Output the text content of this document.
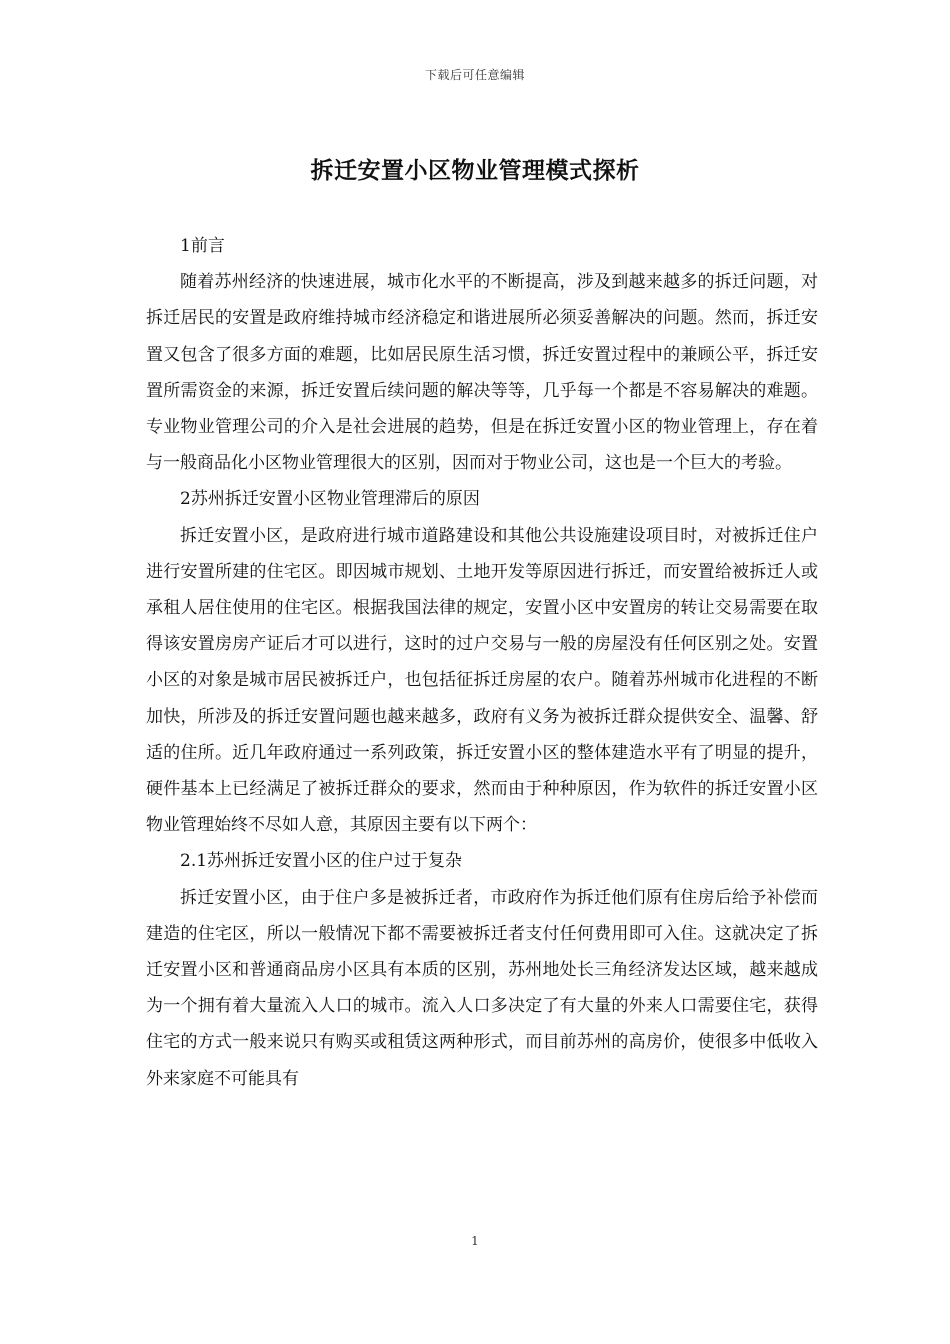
下载后可任意编辑
拆迁安置小区物业管理模式探析

1前言

随着苏州经济的快速进展，城市化水平的不断提高，涉及到越来越多的拆迁问题，对拆迁居民的安置是政府维持城市经济稳定和谐进展所必须妥善解决的问题。然而，拆迁安置又包含了很多方面的难题，比如居民原生活习惯，拆迁安置过程中的兼顾公平，拆迁安置所需资金的来源，拆迁安置后续问题的解决等等，几乎每一个都是不容易解决的难题。专业物业管理公司的介入是社会进展的趋势，但是在拆迁安置小区的物业管理上，存在着与一般商品化小区物业管理很大的区别，因而对于物业公司，这也是一个巨大的考验。

2苏州拆迁安置小区物业管理滞后的原因

拆迁安置小区，是政府进行城市道路建设和其他公共设施建设项目时，对被拆迁住户进行安置所建的住宅区。即因城市规划、土地开发等原因进行拆迁，而安置给被拆迁人或承租人居住使用的住宅区。根据我国法律的规定，安置小区中安置房的转让交易需要在取得该安置房房产证后才可以进行，这时的过户交易与一般的房屋没有任何区别之处。安置小区的对象是城市居民被拆迁户，也包括征拆迁房屋的农户。随着苏州城市化进程的不断加快，所涉及的拆迁安置问题也越来越多，政府有义务为被拆迁群众提供安全、温馨、舒适的住所。近几年政府通过一系列政策，拆迁安置小区的整体建造水平有了明显的提升，硬件基本上已经满足了被拆迁群众的要求，然而由于种种原因，作为软件的拆迁安置小区物业管理始终不尽如人意，其原因主要有以下两个：

2.1苏州拆迁安置小区的住户过于复杂

拆迁安置小区，由于住户多是被拆迁者，市政府作为拆迁他们原有住房后给予补偿而建造的住宅区，所以一般情况下都不需要被拆迁者支付任何费用即可入住。这就决定了拆迁安置小区和普通商品房小区具有本质的区别，苏州地处长三角经济发达区域，越来越成为一个拥有着大量流入人口的城市。流入人口多决定了有大量的外来人口需要住宅，获得住宅的方式一般来说只有购买或租赁这两种形式，而目前苏州的高房价，使很多中低收入外来家庭不可能具有

1
